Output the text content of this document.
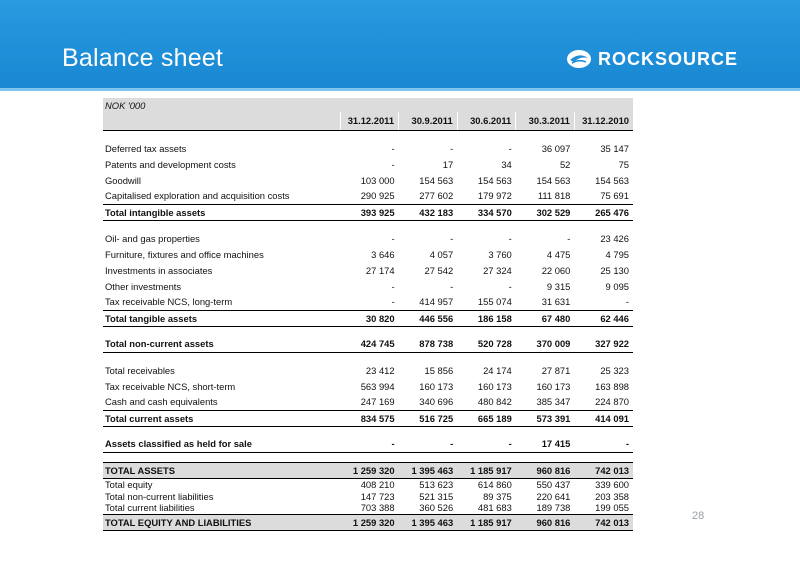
Balance sheet	ROCKSOURCE
NOK '000					
	31.12.2011	30.9.2011	30.6.2011	30.3.2011	31.12.2010

Deferred tax assets	-	-	-	36 097	35 147
Patents and development costs	-	17	34	52	75
Goodwill	103 000	154 563	154 563	154 563	154 563
Capitalised exploration and acquisition costs	290 925	277 602	179 972	111 818	75 691
Total intangible assets	393 925	432 183	334 570	302 529	265 476

Oil- and gas properties	-	-	-	-	23 426
Furniture, fixtures and office machines	3 646	4 057	3 760	4 475	4 795
Investments in associates	27 174	27 542	27 324	22 060	25 130
Other investments	-	-	-	9 315	9 095
Tax receivable NCS, long-term	-	414 957	155 074	31 631	-
Total tangible assets	30 820	446 556	186 158	67 480	62 446

Total non-current assets	424 745	878 738	520 728	370 009	327 922

Total receivables	23 412	15 856	24 174	27 871	25 323
Tax receivable NCS, short-term	563 994	160 173	160 173	160 173	163 898
Cash and cash equivalents	247 169	340 696	480 842	385 347	224 870
Total current assets	834 575	516 725	665 189	573 391	414 091

Assets classified as held for sale	-	-	-	17 415	-

TOTAL ASSETS	1 259 320	1 395 463	1 185 917	960 816	742 013
Total equity	408 210	513 623	614 860	550 437	339 600
Total non-current liabilities	147 723	521 315	89 375	220 641	203 358
Total current liabilities	703 388	360 526	481 683	189 738	199 055
TOTAL EQUITY AND LIABILITIES	1 259 320	1 395 463	1 185 917	960 816	742 013	28
